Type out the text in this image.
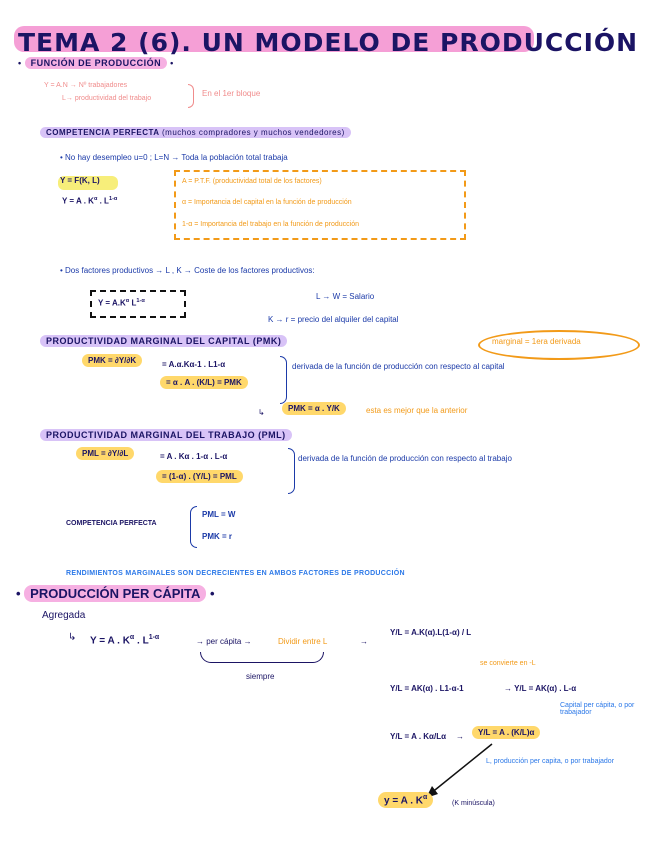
TEMA 2 (6). UN MODELO DE PRODUCCIÓN
• FUNCIÓN DE PRODUCCIÓN •
Y = A.N → Nº trabajadores
L→ productividad del trabajo
En el 1er bloque
COMPETENCIA PERFECTA (muchos compradores y muchos vendedores)
• No hay desempleo u=0 ; L=N → Toda la población total trabaja
Y = F(K, L)
Y = A . $K^\alpha$ . $L^{1-\alpha}$
A = P.T.F. (productividad total de los factores)
α = Importancia del capital en la función de producción
1-α = Importancia del trabajo en la función de producción
• Dos factores productivos → L , K → Coste de los factores productivos:
$Y = A.K^\alpha$ $L^{1-\alpha}$	L → W = Salario
K → r = precio del alquiler del capital
PRODUCTIVIDAD MARGINAL DEL CAPITAL (PMK)	marginal = 1era derivada
PMK = ∂Y/∂K	= A.α.Kα-1 . L1-α
= α . A . (K/L) = PMK
derivada de la función de producción con respecto al capital
↳	PMK = α . Y/K	esta es mejor que la anterior
PRODUCTIVIDAD MARGINAL DEL TRABAJO (PML)
PML = ∂Y/∂L	= A . Kα . 1-α . L-α
= (1-α) . (Y/L) = PML
derivada de la función de producción con respecto al trabajo
COMPETENCIA PERFECTA
PML = W
PMK = r
RENDIMIENTOS MARGINALES SON DECRECIENTES EN AMBOS FACTORES DE PRODUCCIÓN
• PRODUCCIÓN PER CÁPITA •
Agregada
↳ Y = A . $K^\alpha$ . $L^{1-\alpha}$	→ per cápita →	Dividir entre L	→
siempre
Y/L = A.K(α).L(1-α) / L
se convierte en -L
Y/L = AK(α) . L1-α-1	→ Y/L = AK(α) . L-α
Y/L = A . Kα/Lα →	Y/L = A . (K/L)α
Capital per cápita, o por trabajador
L, producción per capita, o por trabajador
y = A . $K^\alpha$
(K minúscula)
